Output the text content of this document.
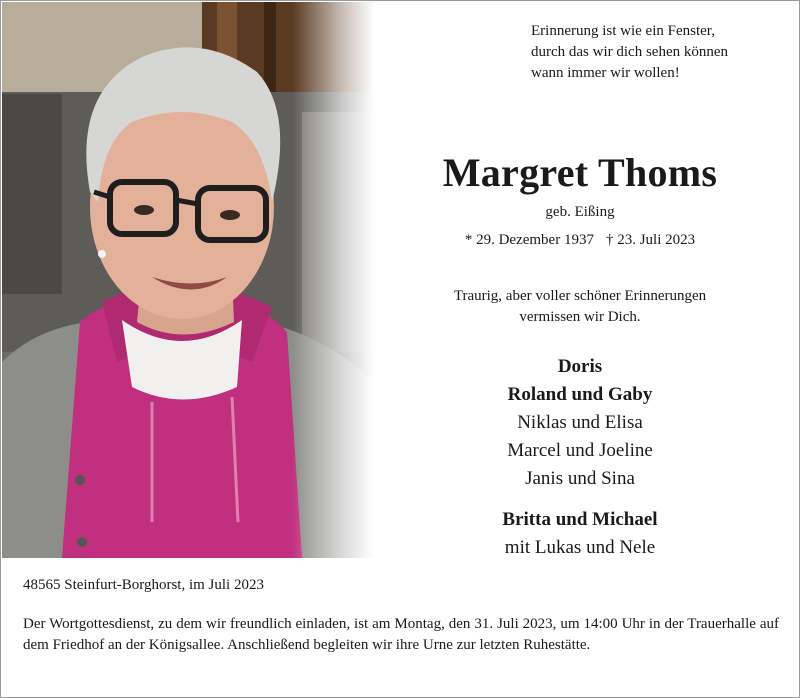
Erinnerung ist wie ein Fenster,
durch das wir dich sehen können
wann immer wir wollen!
Margret Thoms
geb. Eißing
* 29. Dezember 1937 † 23. Juli 2023
Traurig, aber voller schöner Erinnerungen
vermissen wir Dich.
Doris
Roland und Gaby
Niklas und Elisa
Marcel und Joeline
Janis und Sina
Britta und Michael
mit Lukas und Nele
48565 Steinfurt-Borghorst, im Juli 2023
Der Wortgottesdienst, zu dem wir freundlich einladen, ist am Montag, den 31. Juli 2023, um 14:00 Uhr in der Trauerhalle auf dem Friedhof an der Königsallee. Anschließend begleiten wir ihre Urne zur letzten Ruhestätte.
